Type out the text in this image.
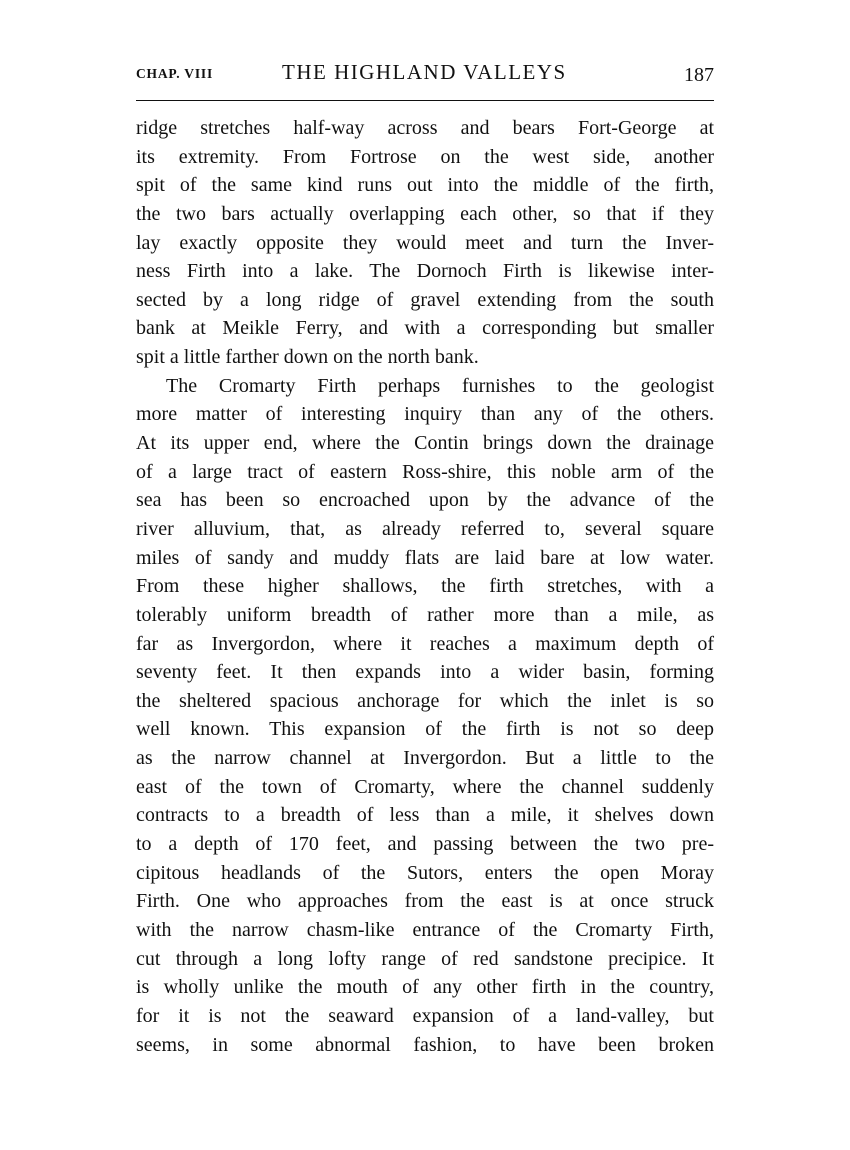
CHAP. VIII	THE HIGHLAND VALLEYS	187
ridge stretches half-way across and bears Fort-George at
its extremity. From Fortrose on the west side, another
spit of the same kind runs out into the middle of the firth,
the two bars actually overlapping each other, so that if they
lay exactly opposite they would meet and turn the Inver-
ness Firth into a lake. The Dornoch Firth is likewise inter-
sected by a long ridge of gravel extending from the south
bank at Meikle Ferry, and with a corresponding but smaller
spit a little farther down on the north bank.
The Cromarty Firth perhaps furnishes to the geologist
more matter of interesting inquiry than any of the others.
At its upper end, where the Contin brings down the drainage
of a large tract of eastern Ross-shire, this noble arm of the
sea has been so encroached upon by the advance of the
river alluvium, that, as already referred to, several square
miles of sandy and muddy flats are laid bare at low water.
From these higher shallows, the firth stretches, with a
tolerably uniform breadth of rather more than a mile, as
far as Invergordon, where it reaches a maximum depth of
seventy feet. It then expands into a wider basin, forming
the sheltered spacious anchorage for which the inlet is so
well known. This expansion of the firth is not so deep
as the narrow channel at Invergordon. But a little to the
east of the town of Cromarty, where the channel suddenly
contracts to a breadth of less than a mile, it shelves down
to a depth of 170 feet, and passing between the two pre-
cipitous headlands of the Sutors, enters the open Moray
Firth. One who approaches from the east is at once struck
with the narrow chasm-like entrance of the Cromarty Firth,
cut through a long lofty range of red sandstone precipice. It
is wholly unlike the mouth of any other firth in the country,
for it is not the seaward expansion of a land-valley, but
seems, in some abnormal fashion, to have been broken
